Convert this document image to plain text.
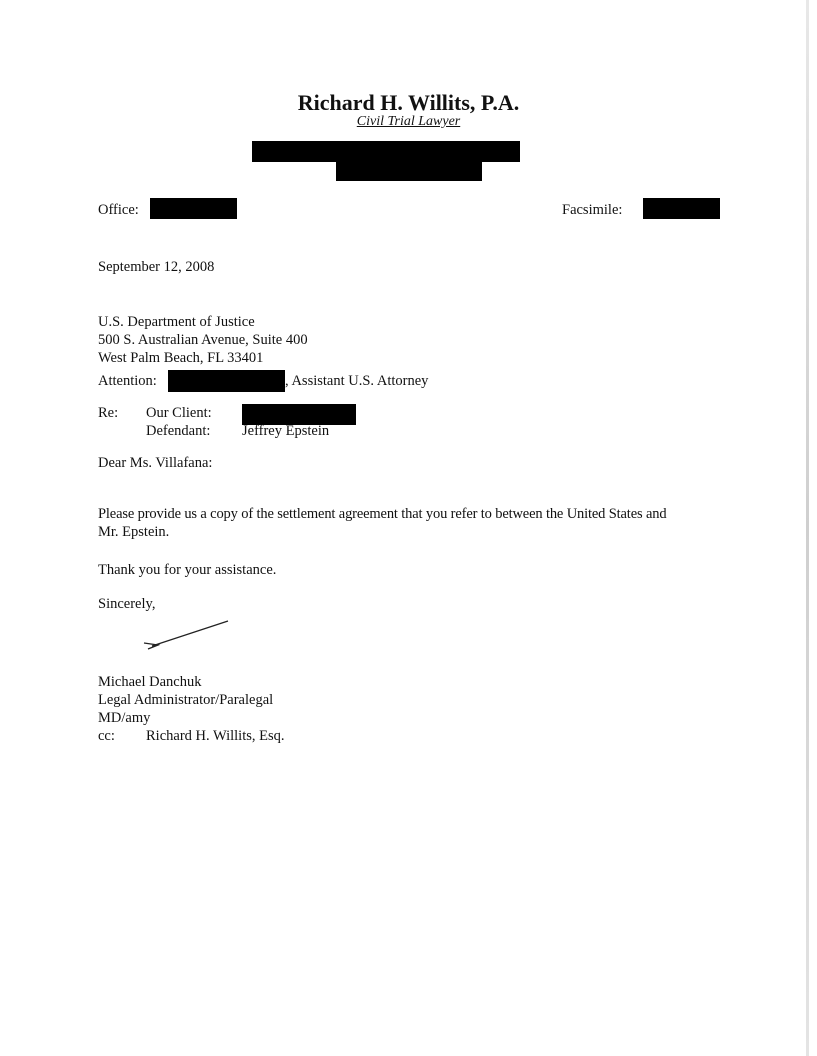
Richard H. Willits, P.A.
Civil Trial Lawyer
Office:	Facsimile:
September 12, 2008
U.S. Department of Justice
500 S. Australian Avenue, Suite 400
West Palm Beach, FL 33401
Attention:	, Assistant U.S. Attorney
Re: Our Client:
Defendant: Jeffrey Epstein
Dear Ms. Villafana:
Please provide us a copy of the settlement agreement that you refer to between the United States and
Mr. Epstein.
Thank you for your assistance.
Sincerely,
Michael Danchuk
Legal Administrator/Paralegal
MD/amy
cc: Richard H. Willits, Esq.
